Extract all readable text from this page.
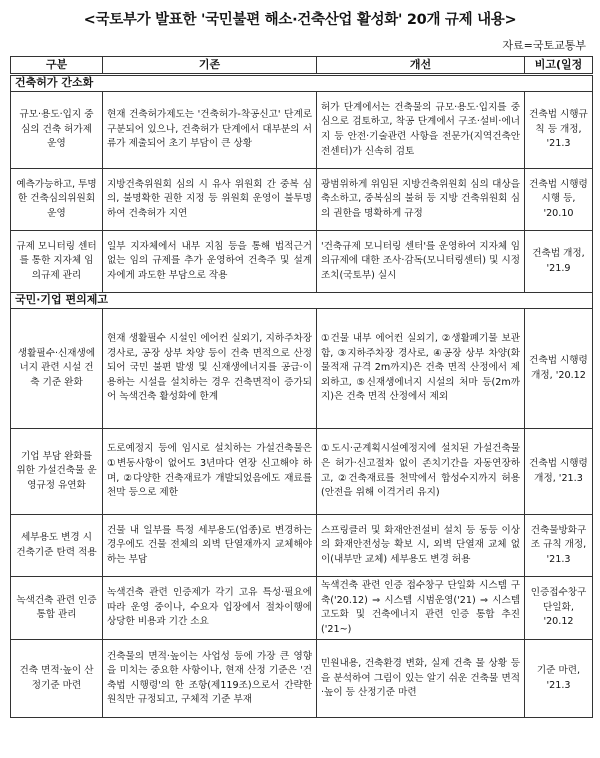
<국토부가 발표한 '국민불편 해소·건축산업 활성화' 20개 규제 내용>
자료=국토교통부
구분	기존	개선	비고(일정
건축허가 간소화			
규모·용도·입지 중심의 건축 허가제 운영	현재 건축허가제도는 '건축허가-착공신고' 단계로 구분되어 있으나, 건축허가 단계에서 대부분의 서류가 제출되어 초기 부담이 큰 상황	허가 단계에서는 건축물의 규모·용도·입지를 중심으로 검토하고, 착공 단계에서 구조·설비·에너지 등 안전·기술관련 사항을 전문가(지역건축안전센터)가 신속히 검토	건축법 시행규칙 등 개정, '21.3
예측가능하고, 투명한 건축심의위원회 운영	지방건축위원회 심의 시 유사 위원회 간 중복 심의, 불명확한 권한 지정 등 위원회 운영이 불투명하여 건축허가 지연	광범위하게 위임된 지방건축위원회 심의 대상을 축소하고, 중복심의 불허 등 지방 건축위원회 심의 권한을 명확하게 규정	건축법 시행령 시행 등, '20.10
규제 모니터링 센터를 통한 지자체 임의규제 관리	일부 지자체에서 내부 지침 등을 통해 법적근거 없는 임의 규제를 추가 운영하여 건축주 및 설계자에게 과도한 부담으로 작용	'건축규제 모니터링 센터'를 운영하여 지자체 임의규제에 대한 조사·감독(모니터링센터) 및 시정조치(국토부) 실시	건축법 개정, '21.9
국민·기업 편의제고			
생활필수·신재생에너지 관련 시설 건축 기준 완화	현재 생활필수 시설인 에어컨 실외기, 지하주차장 경사로, 공장 상부 차양 등이 건축 면적으로 산정되어 국민 불편 발생 및 신재생에너지를 공급·이용하는 시설을 설치하는 경우 건축면적이 증가되어 녹색건축 활성화에 한계	①건물 내부 에어컨 실외기, ②생활폐기물 보관함, ③지하주차장 경사로, ④공장 상부 차양(화물적재 규격 2m까지)은 건축 면적 산정에서 제외하고, ⑤신재생에너지 시설의 처마 등(2m까지)은 건축 면적 산정에서 제외	건축법 시행령 개정, '20.12
기업 부담 완화를 위한 가설건축물 운영규정 유연화	도로예정지 등에 임시로 설치하는 가설건축물은 ①변동사항이 없어도 3년마다 연장 신고해야 하며, ②다양한 건축재료가 개발되었음에도 재료를 천막 등으로 제한	①도시·군계획시설예정지에 설치된 가설건축물은 허가·신고절차 없이 존치기간을 자동연장하고, ②건축재료를 천막에서 합성수지까지 허용(안전을 위해 이격거리 유지)	건축법 시행령 개정, '21.3
세부용도 변경 시 건축기준 탄력 적용	건물 내 일부를 특정 세부용도(업종)로 변경하는 경우에도 건물 전체의 외벽 단열재까지 교체해야 하는 부담	스프링클러 및 화재안전설비 설치 등 동등 이상의 화재안전성능 확보 시, 외벽 단열재 교체 없이(내부만 교체) 세부용도 변경 허용	건축물방화구조 규칙 개정, '21.3
녹색건축 관련 인증 통합 관리	녹색건축 관련 인증제가 각기 고유 특성·필요에 따라 운영 중이나, 수요자 입장에서 절차이행에 상당한 비용과 기간 소요	녹색건축 관련 인증 접수창구 단일화 시스템 구축('20.12) ⇒ 시스템 시범운영('21) ⇒ 시스템 고도화 및 건축에너지 관련 인증 통합 추진('21~)	인증접수창구 단일화, '20.12
건축 면적·높이 산정기준 마련	건축물의 면적·높이는 사업성 등에 가장 큰 영향을 미치는 중요한 사항이나, 현재 산정 기준은 '건축법 시행령'의 한 조항(제119조)으로서 간략한 원칙만 규정되고, 구체적 기준 부재	민원내용, 건축환경 변화, 실제 건축 물 상황 등을 분석하여 그림이 있는 알기 쉬운 건축물 면적·높이 등 산정기준 마련	기준 마련, '21.3
